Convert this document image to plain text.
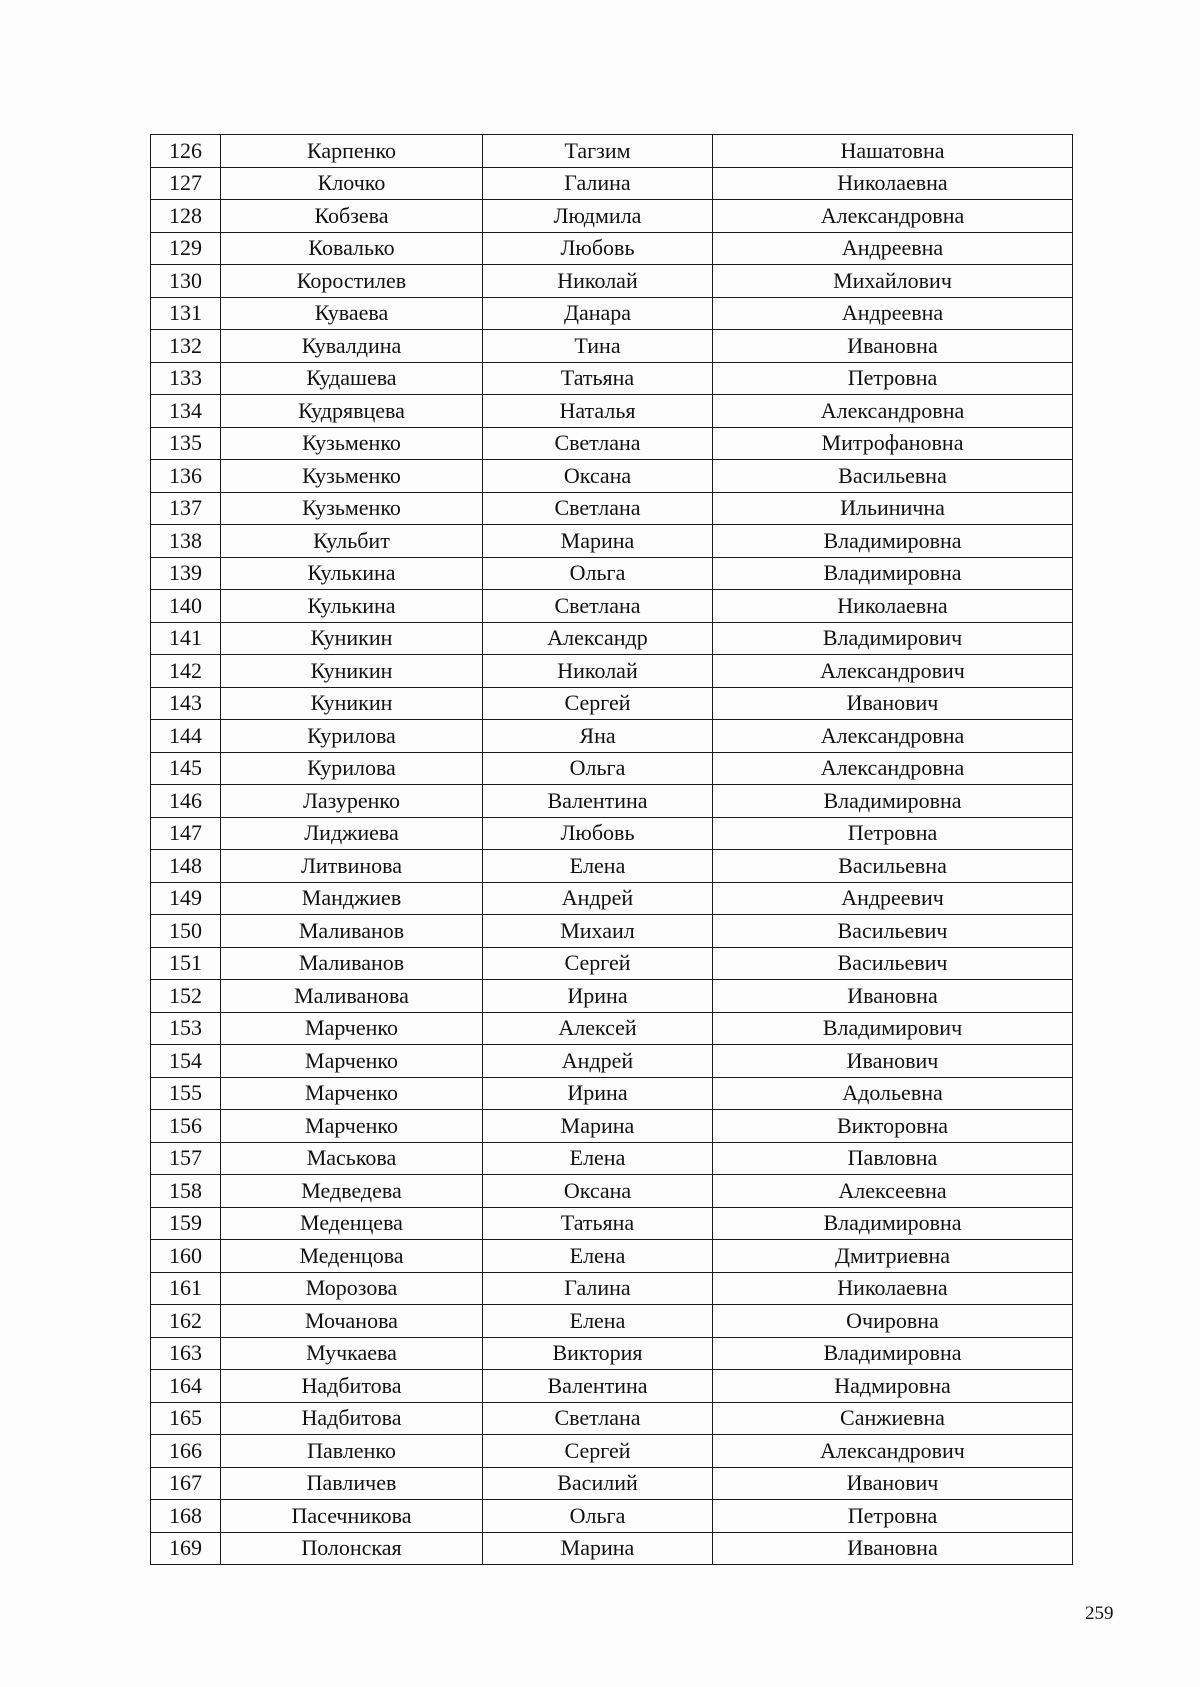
126	Карпенко	Тагзим	Нашатовна
127	Клочко	Галина	Николаевна
128	Кобзева	Людмила	Александровна
129	Ковалько	Любовь	Андреевна
130	Коростилев	Николай	Михайлович
131	Куваева	Данара	Андреевна
132	Кувалдина	Тина	Ивановна
133	Кудашева	Татьяна	Петровна
134	Кудрявцева	Наталья	Александровна
135	Кузьменко	Светлана	Митрофановна
136	Кузьменко	Оксана	Васильевна
137	Кузьменко	Светлана	Ильинична
138	Кульбит	Марина	Владимировна
139	Кулькина	Ольга	Владимировна
140	Кулькина	Светлана	Николаевна
141	Куникин	Александр	Владимирович
142	Куникин	Николай	Александрович
143	Куникин	Сергей	Иванович
144	Курилова	Яна	Александровна
145	Курилова	Ольга	Александровна
146	Лазуренко	Валентина	Владимировна
147	Лиджиева	Любовь	Петровна
148	Литвинова	Елена	Васильевна
149	Манджиев	Андрей	Андреевич
150	Маливанов	Михаил	Васильевич
151	Маливанов	Сергей	Васильевич
152	Маливанова	Ирина	Ивановна
153	Марченко	Алексей	Владимирович
154	Марченко	Андрей	Иванович
155	Марченко	Ирина	Адольевна
156	Марченко	Марина	Викторовна
157	Маськова	Елена	Павловна
158	Медведева	Оксана	Алексеевна
159	Меденцева	Татьяна	Владимировна
160	Меденцова	Елена	Дмитриевна
161	Морозова	Галина	Николаевна
162	Мочанова	Елена	Очировна
163	Мучкаева	Виктория	Владимировна
164	Надбитова	Валентина	Надмировна
165	Надбитова	Светлана	Санжиевна
166	Павленко	Сергей	Александрович
167	Павличев	Василий	Иванович
168	Пасечникова	Ольга	Петровна
169	Полонская	Марина	Ивановна
259
